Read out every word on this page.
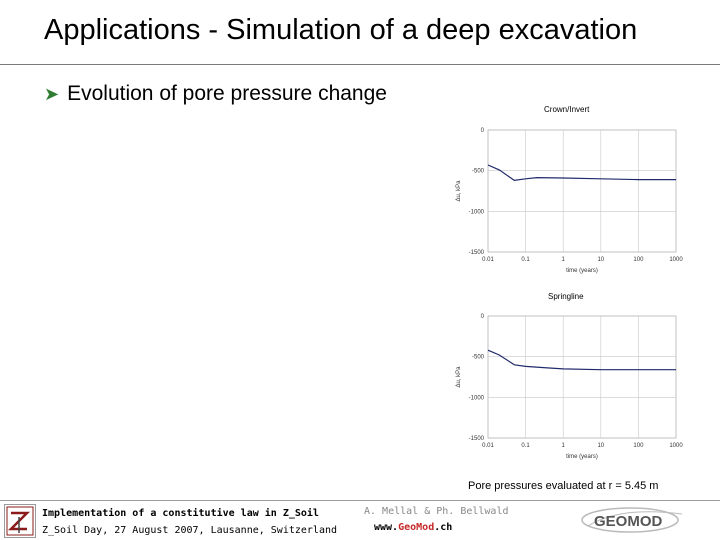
Applications - Simulation of a deep excavation
➤ Evolution of pore pressure change
Crown/Invert
0.01	0.1	1	10	100	1000
0
-500
-1000
-1500
time (years)
Δu, kPa
Springline
0.01	0.1	1	10	100	1000
0
-500
-1000
-1500
time (years)
Δu, kPa
Pore pressures evaluated at r = 5.45 m
Implementation of a constitutive law in Z_Soil
Z_Soil Day, 27 August 2007, Lausanne, Switzerland
A. Mellal & Ph. Bellwald
www.GeoMod.ch	GEOMOD
